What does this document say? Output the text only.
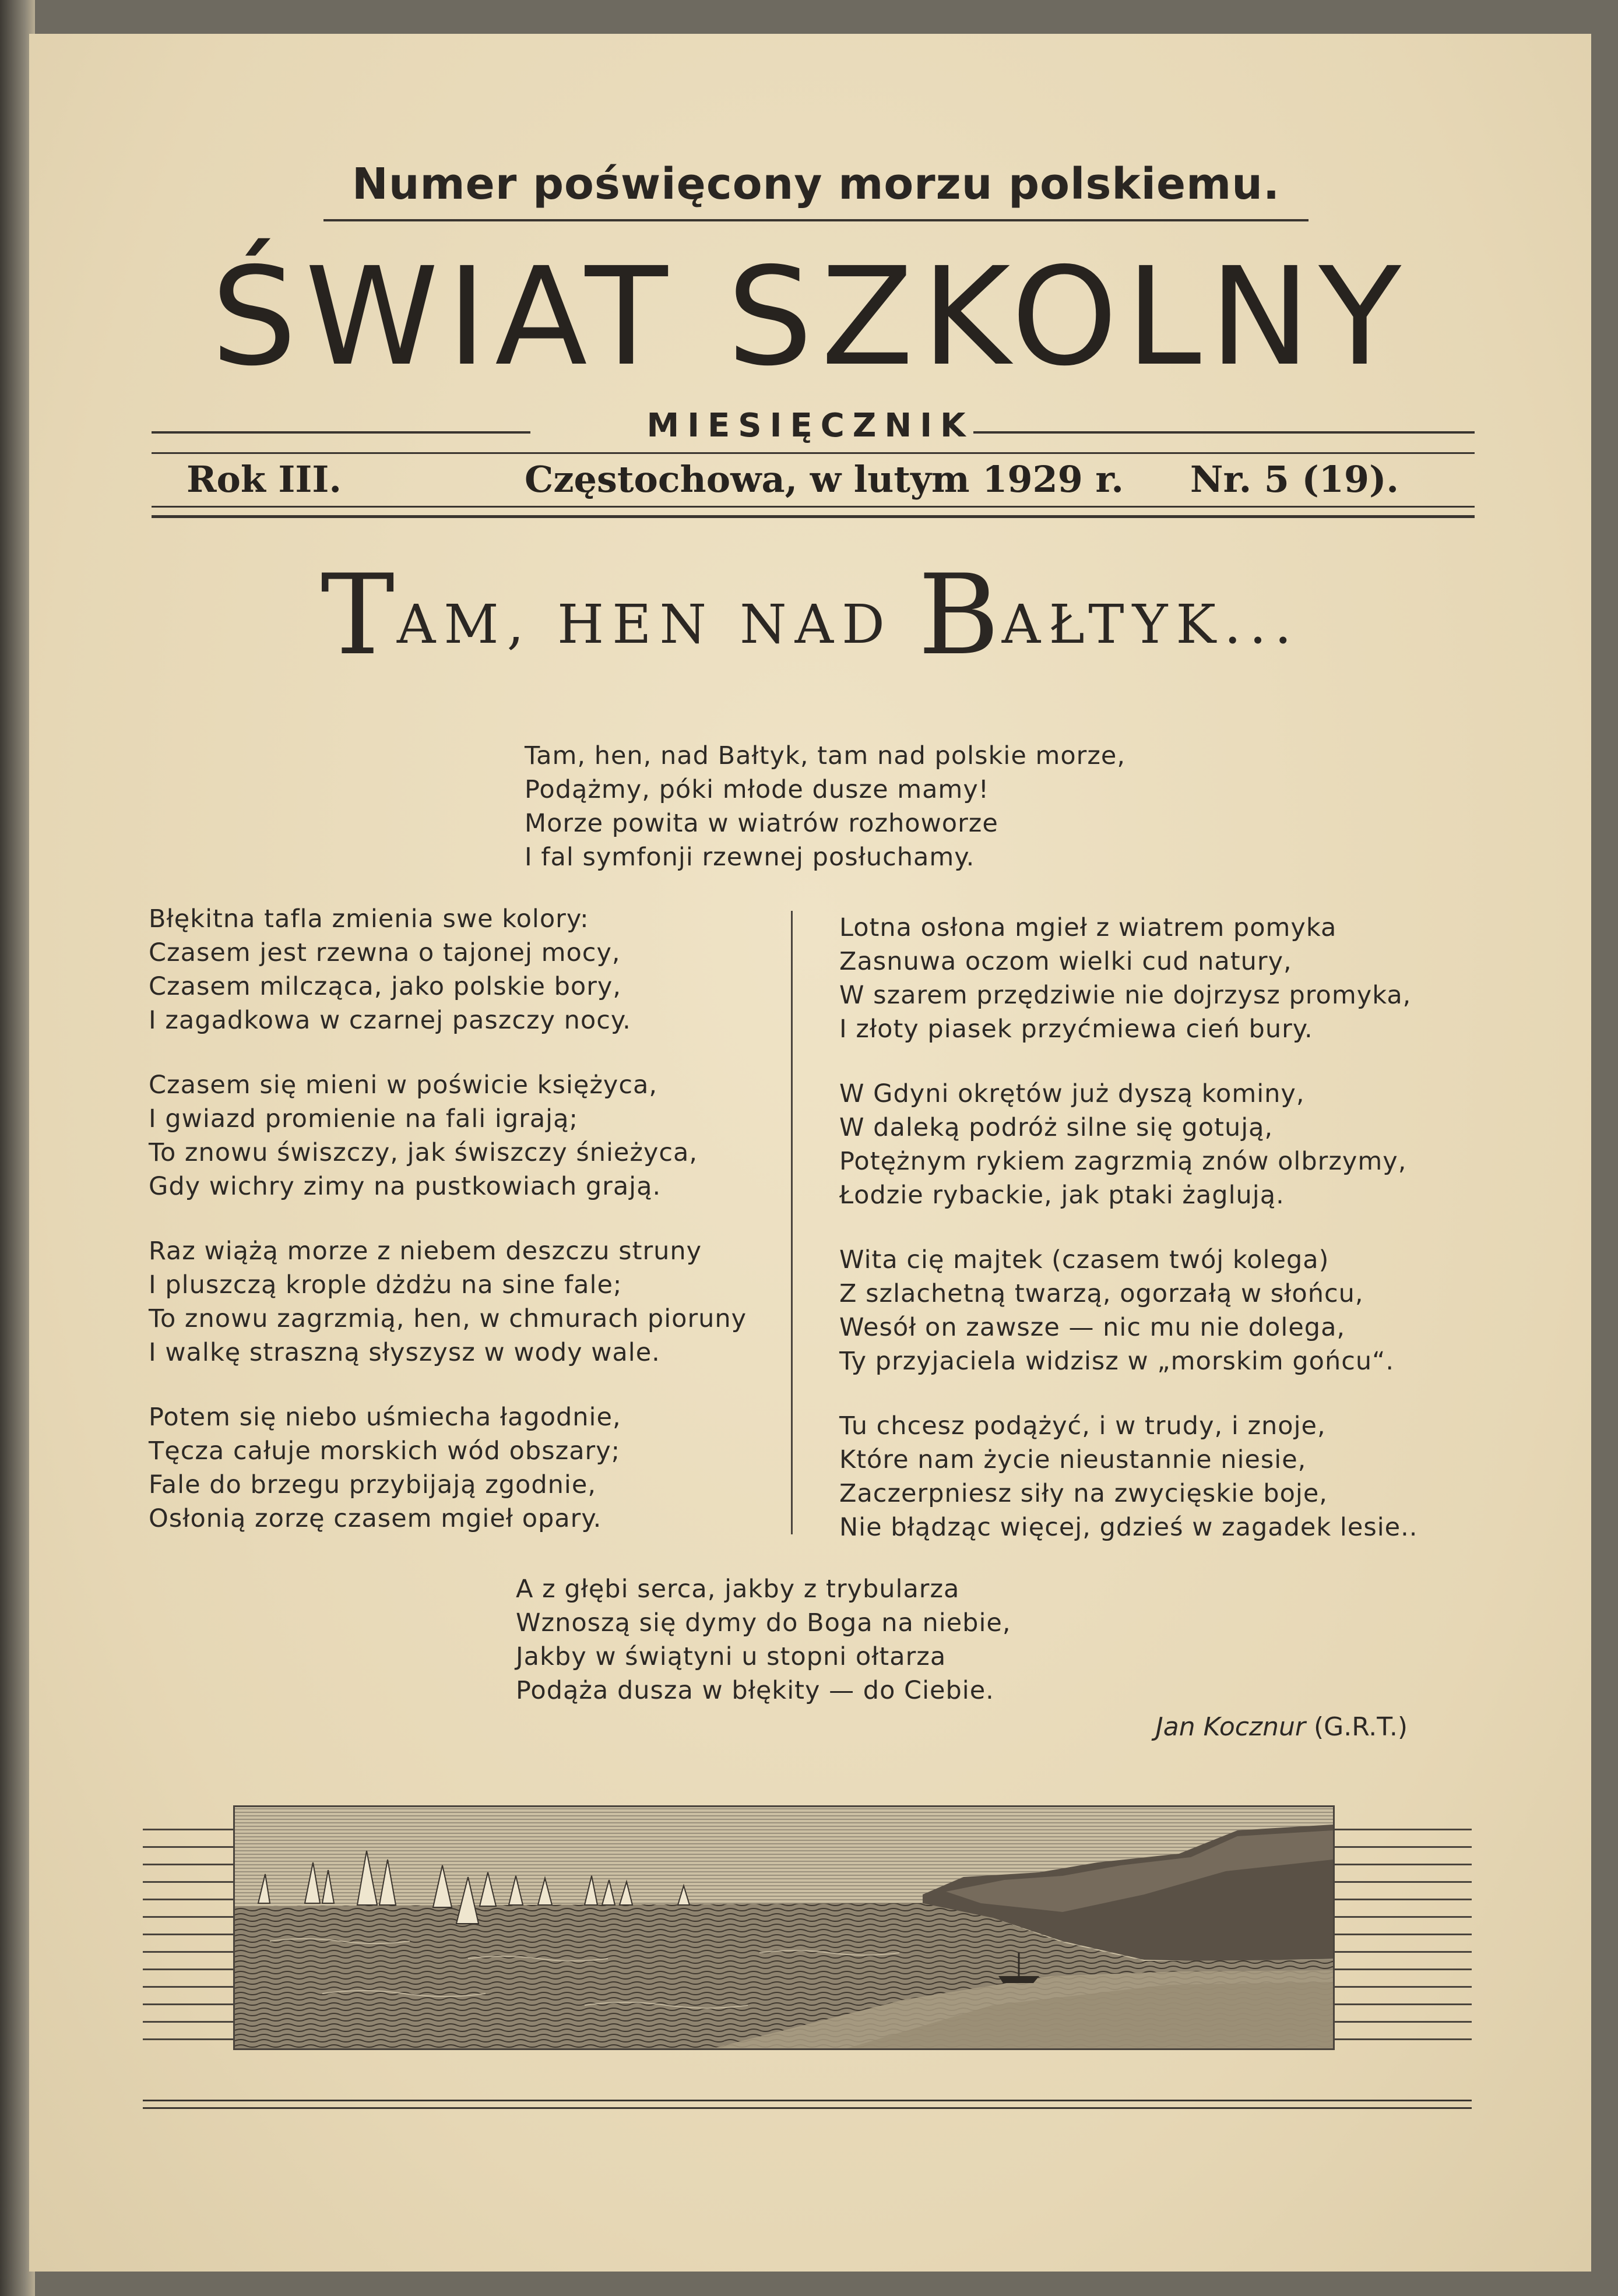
Numer poświęcony morzu polskiemu.
ŚWIAT SZKOLNY
MIESIĘCZNIK
Rok III.	Częstochowa, w lutym 1929 r. Nr. 5 (19).
TAM, HEN NAD BAŁTYK...
Tam, hen, nad Bałtyk, tam nad polskie morze,
Podążmy, póki młode dusze mamy!
Morze powita w wiatrów rozhoworze
I fal symfonji rzewnej posłuchamy.
Błękitna tafla zmienia swe kolory:
Czasem jest rzewna o tajonej mocy,
Czasem milcząca, jako polskie bory,
I zagadkowa w czarnej paszczy nocy.
Czasem się mieni w poświcie księżyca,
I gwiazd promienie na fali igrają;
To znowu świszczy, jak świszczy śnieżyca,
Gdy wichry zimy na pustkowiach grają.
Raz wiążą morze z niebem deszczu struny
I pluszczą krople dżdżu na sine fale;
To znowu zagrzmią, hen, w chmurach pioruny
I walkę straszną słyszysz w wody wale.
Potem się niebo uśmiecha łagodnie,
Tęcza całuje morskich wód obszary;
Fale do brzegu przybijają zgodnie,
Osłonią zorzę czasem mgieł opary.
Lotna osłona mgieł z wiatrem pomyka
Zasnuwa oczom wielki cud natury,
W szarem przędziwie nie dojrzysz promyka,
I złoty piasek przyćmiewa cień bury.
W Gdyni okrętów już dyszą kominy,
W daleką podróż silne się gotują,
Potężnym rykiem zagrzmią znów olbrzymy,
Łodzie rybackie, jak ptaki żaglują.
Wita cię majtek (czasem twój kolega)
Z szlachetną twarzą, ogorzałą w słońcu,
Wesół on zawsze — nic mu nie dolega,
Ty przyjaciela widzisz w „morskim gońcu“.
Tu chcesz podążyć, i w trudy, i znoje,
Które nam życie nieustannie niesie,
Zaczerpniesz siły na zwycięskie boje,
Nie błądząc więcej, gdzieś w zagadek lesie..
A z głębi serca, jakby z trybularza
Wznoszą się dymy do Boga na niebie,
Jakby w świątyni u stopni ołtarza
Podąża dusza w błękity — do Ciebie.
Jan Kocznur (G.R.T.)
